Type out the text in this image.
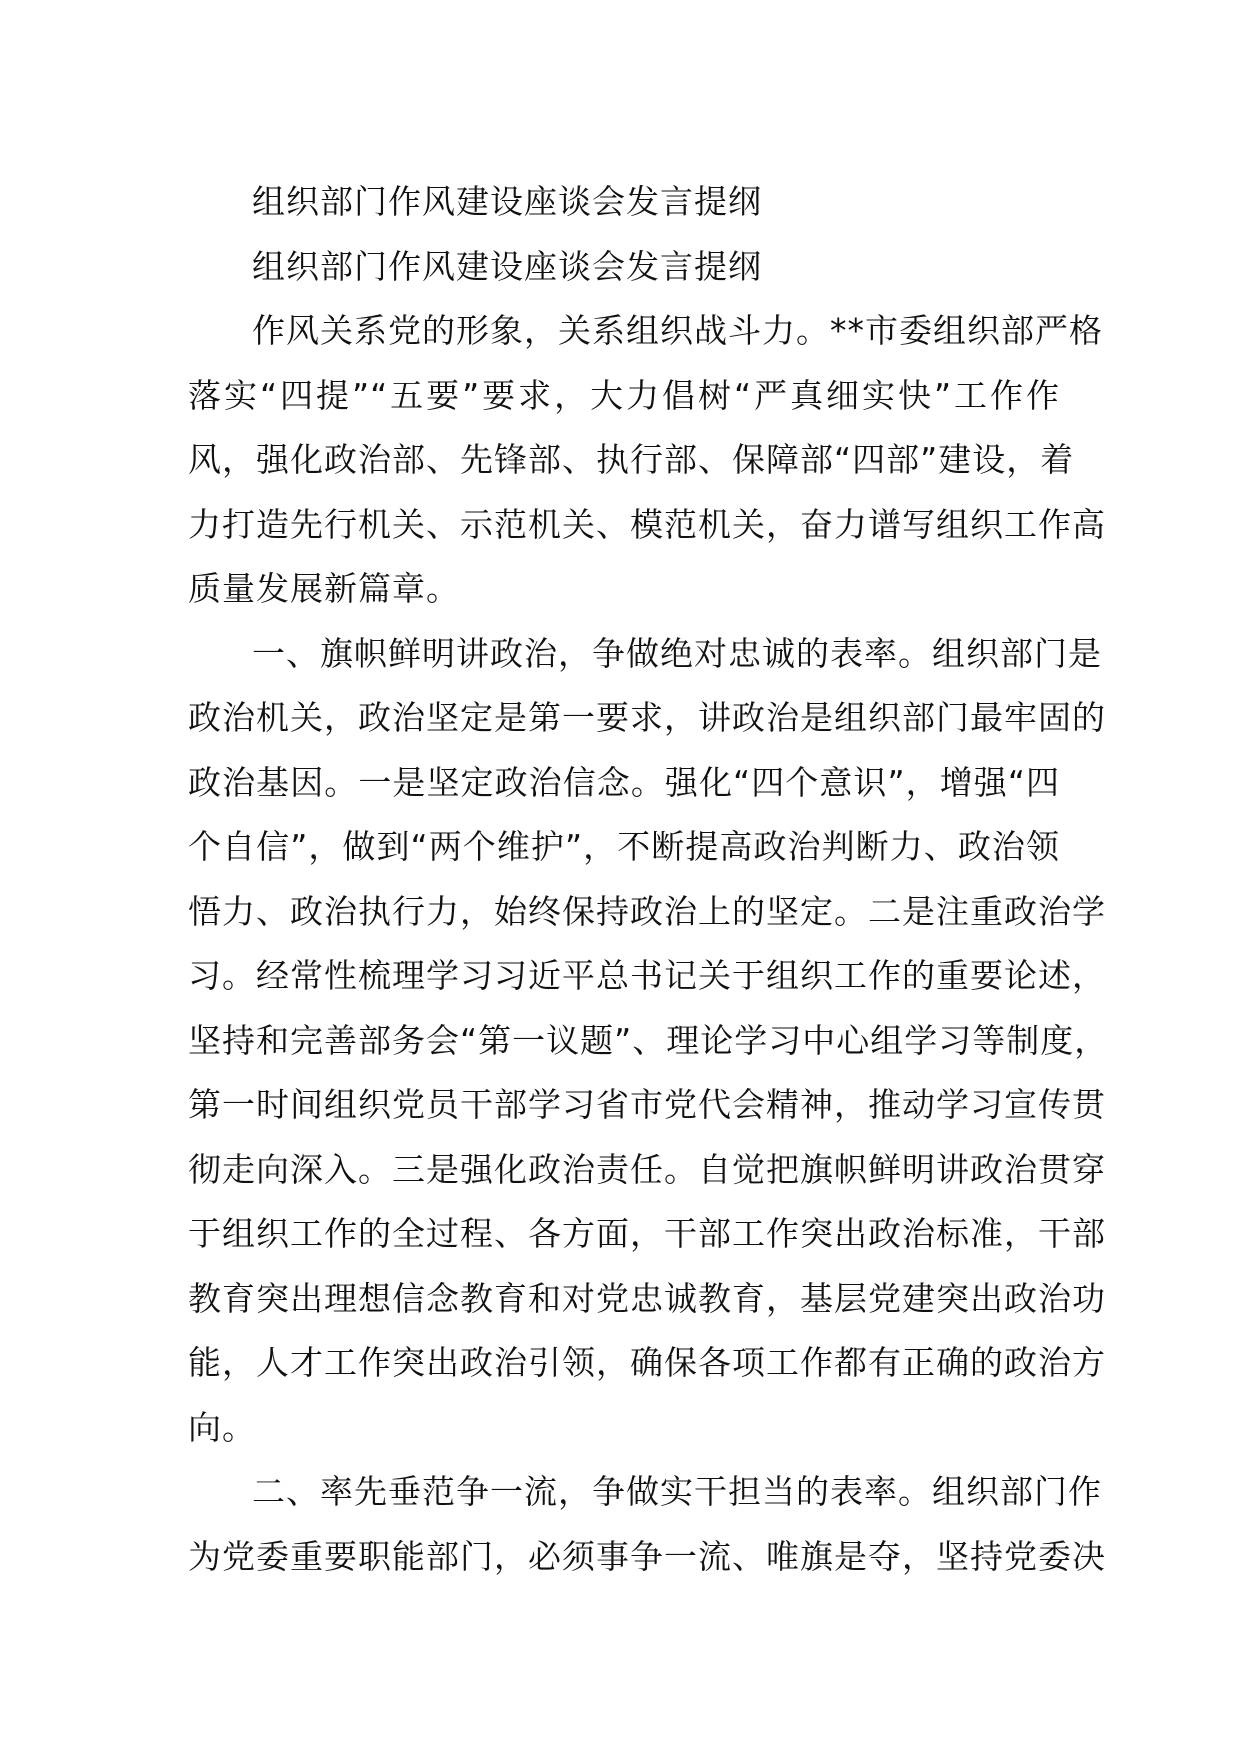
组织部门作风建设座谈会发言提纲
组织部门作风建设座谈会发言提纲
作风关系党的形象，关系组织战斗力。**市委组织部严格
落实“四提”“五要”要求，大力倡树“严真细实快”工作作
风，强化政治部、先锋部、执行部、保障部“四部”建设，着
力打造先行机关、示范机关、模范机关，奋力谱写组织工作高
质量发展新篇章。
一、旗帜鲜明讲政治，争做绝对忠诚的表率。组织部门是
政治机关，政治坚定是第一要求，讲政治是组织部门最牢固的
政治基因。一是坚定政治信念。强化“四个意识”，增强“四
个自信”，做到“两个维护”，不断提高政治判断力、政治领
悟力、政治执行力，始终保持政治上的坚定。二是注重政治学
习。经常性梳理学习习近平总书记关于组织工作的重要论述，
坚持和完善部务会“第一议题”、理论学习中心组学习等制度，
第一时间组织党员干部学习省市党代会精神，推动学习宣传贯
彻走向深入。三是强化政治责任。自觉把旗帜鲜明讲政治贯穿
于组织工作的全过程、各方面，干部工作突出政治标准，干部
教育突出理想信念教育和对党忠诚教育，基层党建突出政治功
能，人才工作突出政治引领，确保各项工作都有正确的政治方
向。
二、率先垂范争一流，争做实干担当的表率。组织部门作
为党委重要职能部门，必须事争一流、唯旗是夺，坚持党委决
